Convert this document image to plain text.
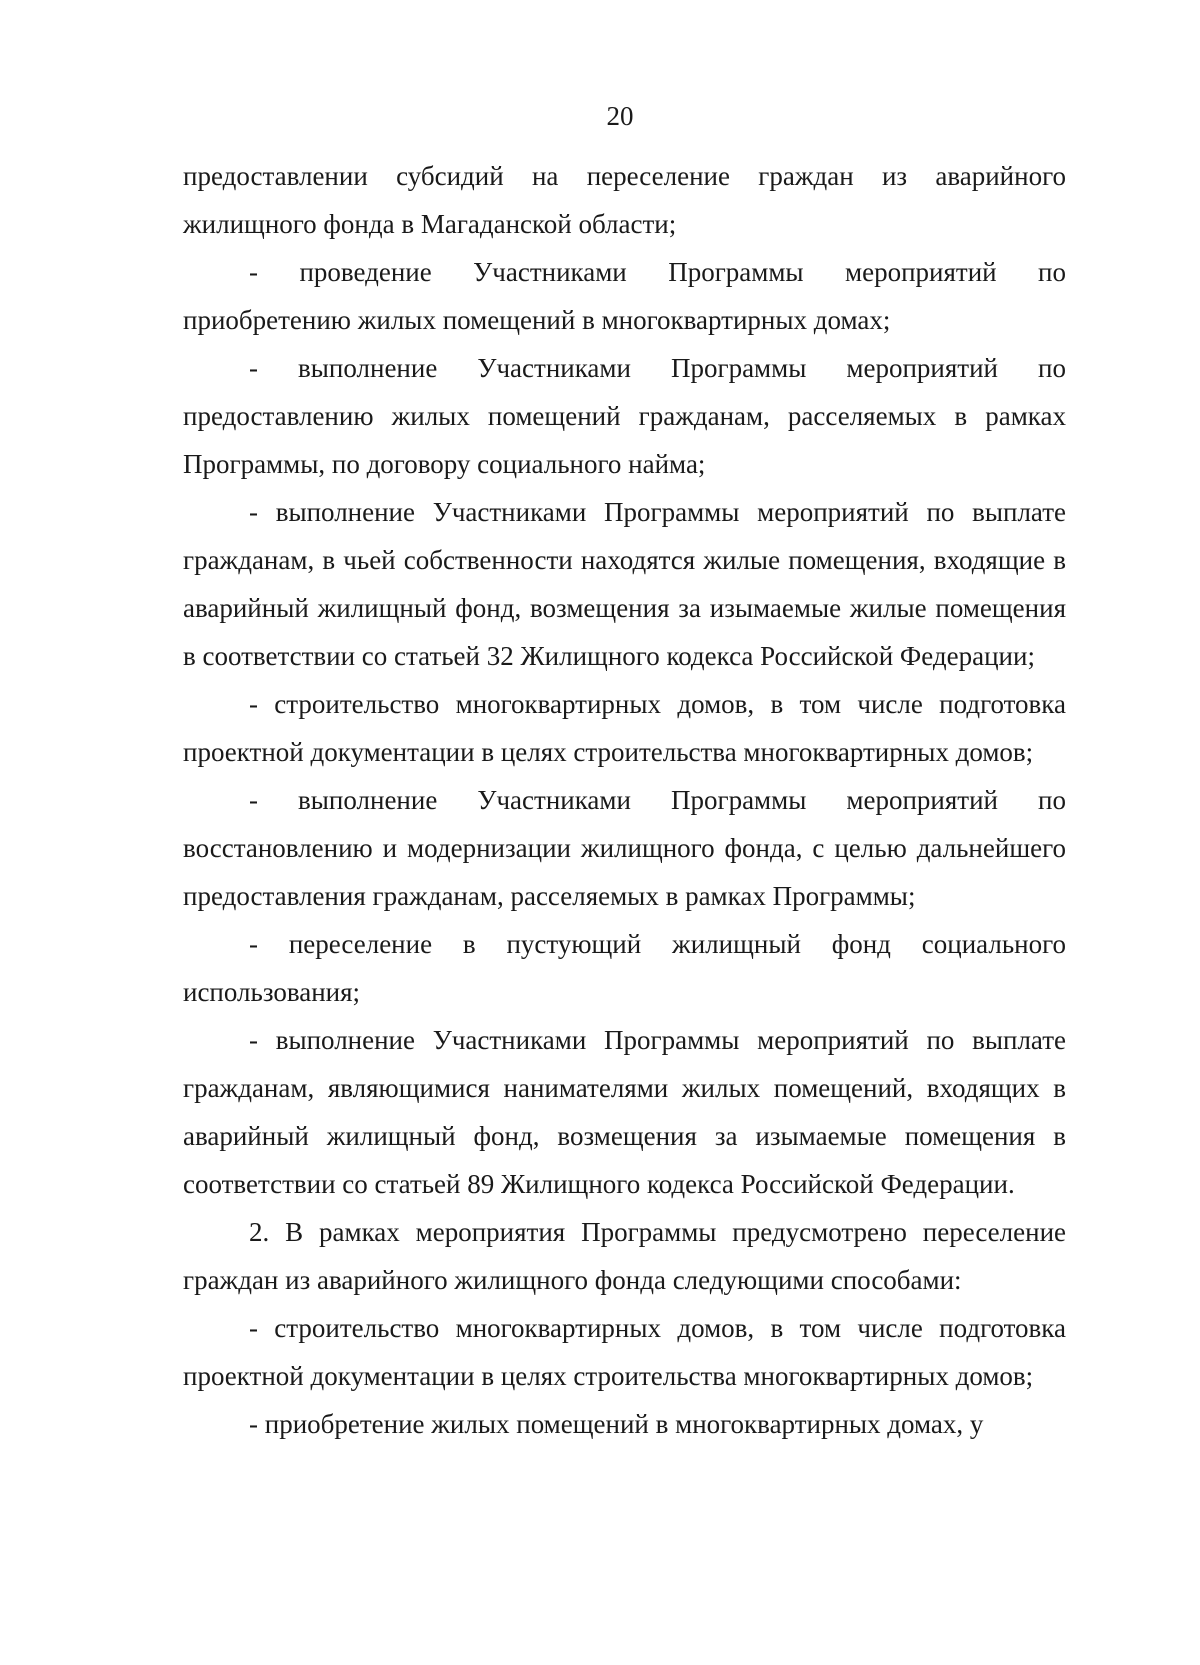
20

предоставлении субсидий на переселение граждан из аварийного жилищного фонда в Магаданской области;

- проведение Участниками Программы мероприятий по приобретению жилых помещений в многоквартирных домах;

- выполнение Участниками Программы мероприятий по предоставлению жилых помещений гражданам, расселяемых в рамках Программы, по договору социального найма;

- выполнение Участниками Программы мероприятий по выплате гражданам, в чьей собственности находятся жилые помещения, входящие в аварийный жилищный фонд, возмещения за изымаемые жилые помещения в соответствии со статьей 32 Жилищного кодекса Российской Федерации;

- строительство многоквартирных домов, в том числе подготовка проектной документации в целях строительства многоквартирных домов;

- выполнение Участниками Программы мероприятий по восстановлению и модернизации жилищного фонда, с целью дальнейшего предоставления гражданам, расселяемых в рамках Программы;

- переселение в пустующий жилищный фонд социального использования;

- выполнение Участниками Программы мероприятий по выплате гражданам, являющимися нанимателями жилых помещений, входящих в аварийный жилищный фонд, возмещения за изымаемые помещения в соответствии со статьей 89 Жилищного кодекса Российской Федерации.

2. В рамках мероприятия Программы предусмотрено переселение граждан из аварийного жилищного фонда следующими способами:

- строительство многоквартирных домов, в том числе подготовка проектной документации в целях строительства многоквартирных домов;

- приобретение жилых помещений в многоквартирных домах, у
